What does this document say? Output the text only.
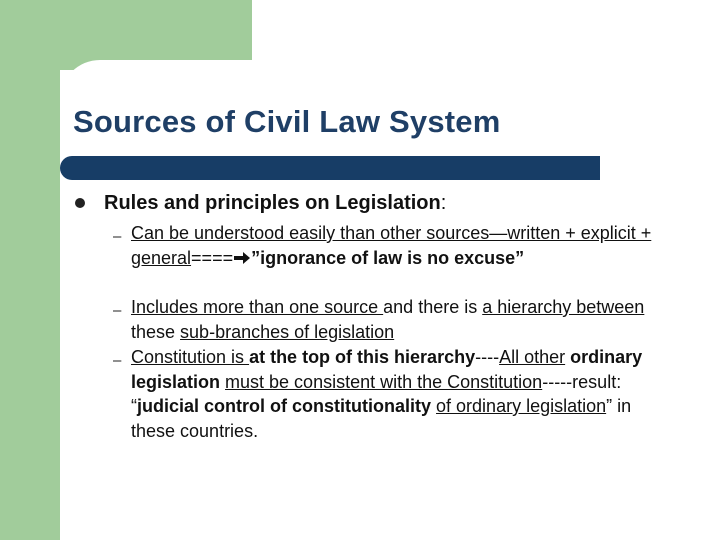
Sources of Civil Law System
Rules and principles on Legislation:
– Can be understood easily than other sources—written + explicit + general==== ”ignorance of law is no excuse”
– Includes more than one source and there is a hierarchy between these sub-branches of legislation
– Constitution is at the top of this hierarchy----All other ordinary legislation must be consistent with the Constitution-----result: “judicial control of constitutionality of ordinary legislation” in these countries.
